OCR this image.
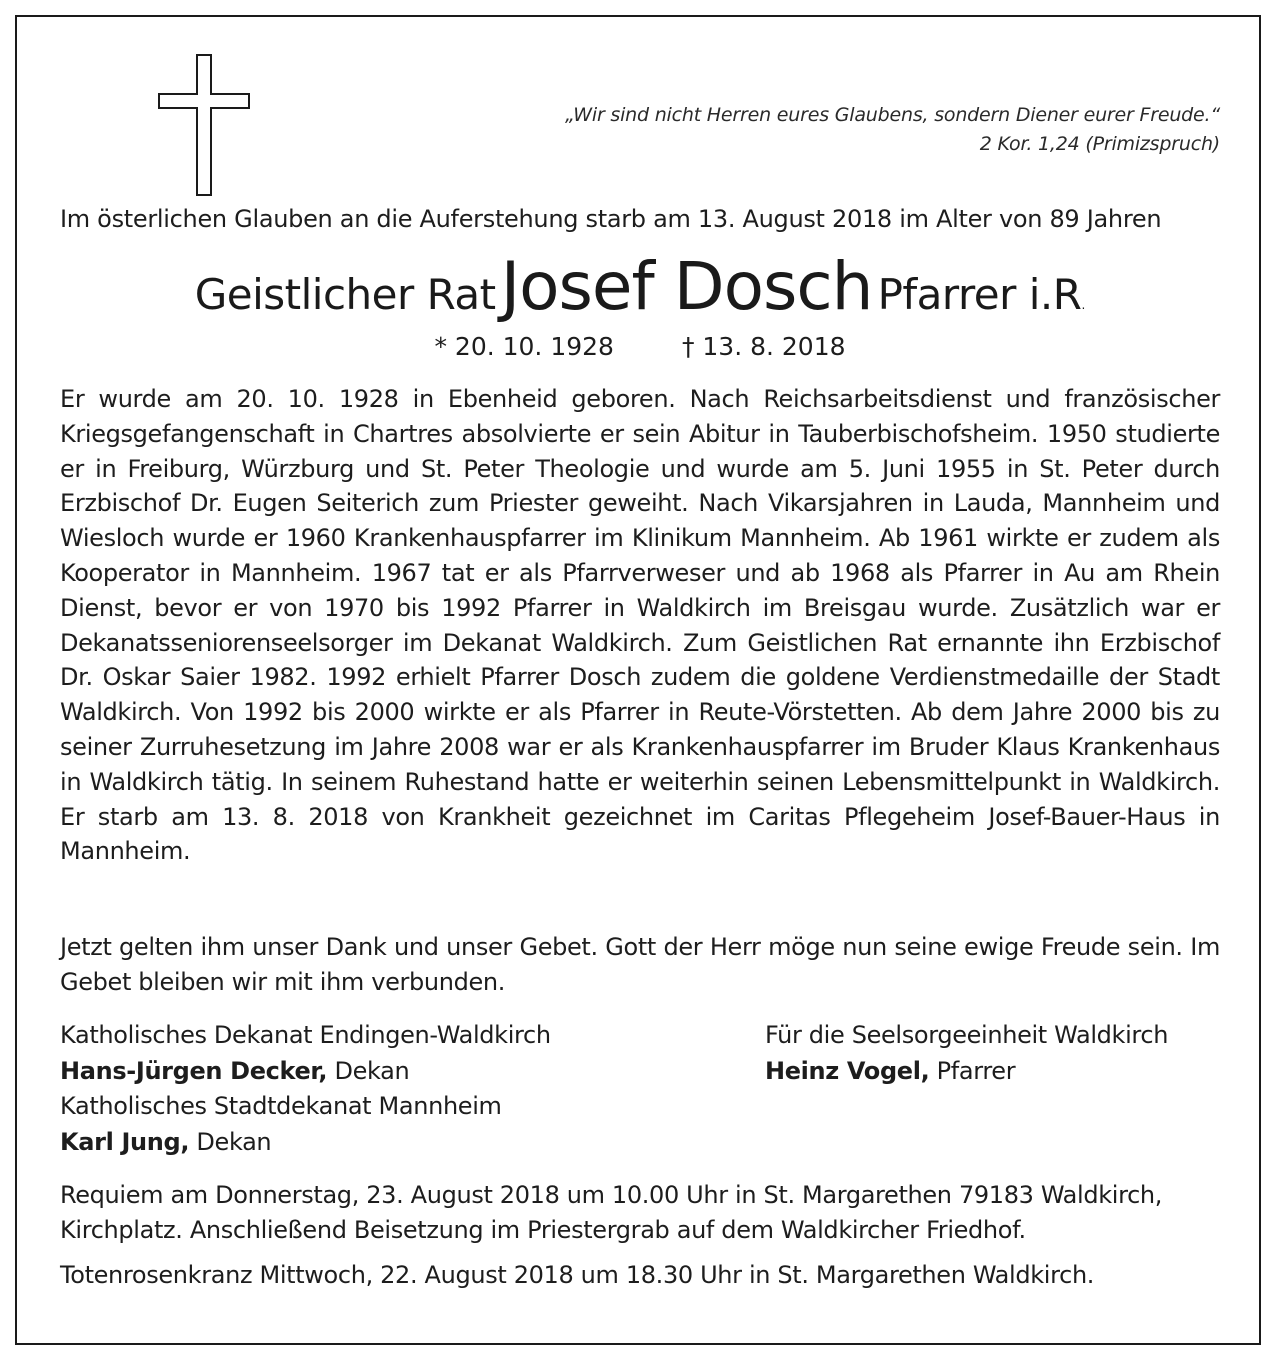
„Wir sind nicht Herren eures Glaubens, sondern Diener eurer Freude.“
2 Kor. 1,24 (Primizspruch)
Im österlichen Glauben an die Auferstehung starb am 13. August 2018 im Alter von 89 Jahren
Geistlicher Rat Josef Dosch Pfarrer i.R.
* 20. 10. 1928	† 13. 8. 2018
Er wurde am 20. 10. 1928 in Ebenheid geboren. Nach Reichsarbeitsdienst und französischer Kriegsgefangenschaft in Chartres absolvierte er sein Abitur in Tauberbischofsheim. 1950 studierte er in Freiburg, Würzburg und St. Peter Theologie und wurde am 5. Juni 1955 in St. Peter durch Erzbischof Dr. Eugen Seiterich zum Priester geweiht. Nach Vikarsjahren in Lauda, Mannheim und Wiesloch wurde er 1960 Krankenhauspfarrer im Klinikum Mannheim. Ab 1961 wirkte er zudem als Kooperator in Mannheim. 1967 tat er als Pfarrverweser und ab 1968 als Pfarrer in Au am Rhein Dienst, bevor er von 1970 bis 1992 Pfarrer in Waldkirch im Breisgau wurde. Zusätzlich war er Dekanatsseniorenseelsorger im Dekanat Waldkirch. Zum Geistlichen Rat ernannte ihn Erzbischof Dr. Oskar Saier 1982. 1992 erhielt Pfarrer Dosch zudem die goldene Verdienstmedaille der Stadt Waldkirch. Von 1992 bis 2000 wirkte er als Pfarrer in Reute-Vörstetten. Ab dem Jahre 2000 bis zu seiner Zurruhesetzung im Jahre 2008 war er als Krankenhauspfarrer im Bruder Klaus Krankenhaus in Waldkirch tätig. In seinem Ruhestand hatte er weiterhin seinen Lebensmittelpunkt in Waldkirch. Er starb am 13. 8. 2018 von Krankheit gezeichnet im Caritas Pflegeheim Josef-Bauer-Haus in Mannheim.
Jetzt gelten ihm unser Dank und unser Gebet. Gott der Herr möge nun seine ewige Freude sein. Im Gebet bleiben wir mit ihm verbunden.
Katholisches Dekanat Endingen-Waldkirch
Hans-Jürgen Decker, Dekan
Katholisches Stadtdekanat Mannheim
Karl Jung, Dekan
Für die Seelsorgeeinheit Waldkirch
Heinz Vogel, Pfarrer
Requiem am Donnerstag, 23. August 2018 um 10.00 Uhr in St. Margarethen 79183 Waldkirch, Kirchplatz. Anschließend Beisetzung im Priestergrab auf dem Waldkircher Friedhof.
Totenrosenkranz Mittwoch, 22. August 2018 um 18.30 Uhr in St. Margarethen Waldkirch.
